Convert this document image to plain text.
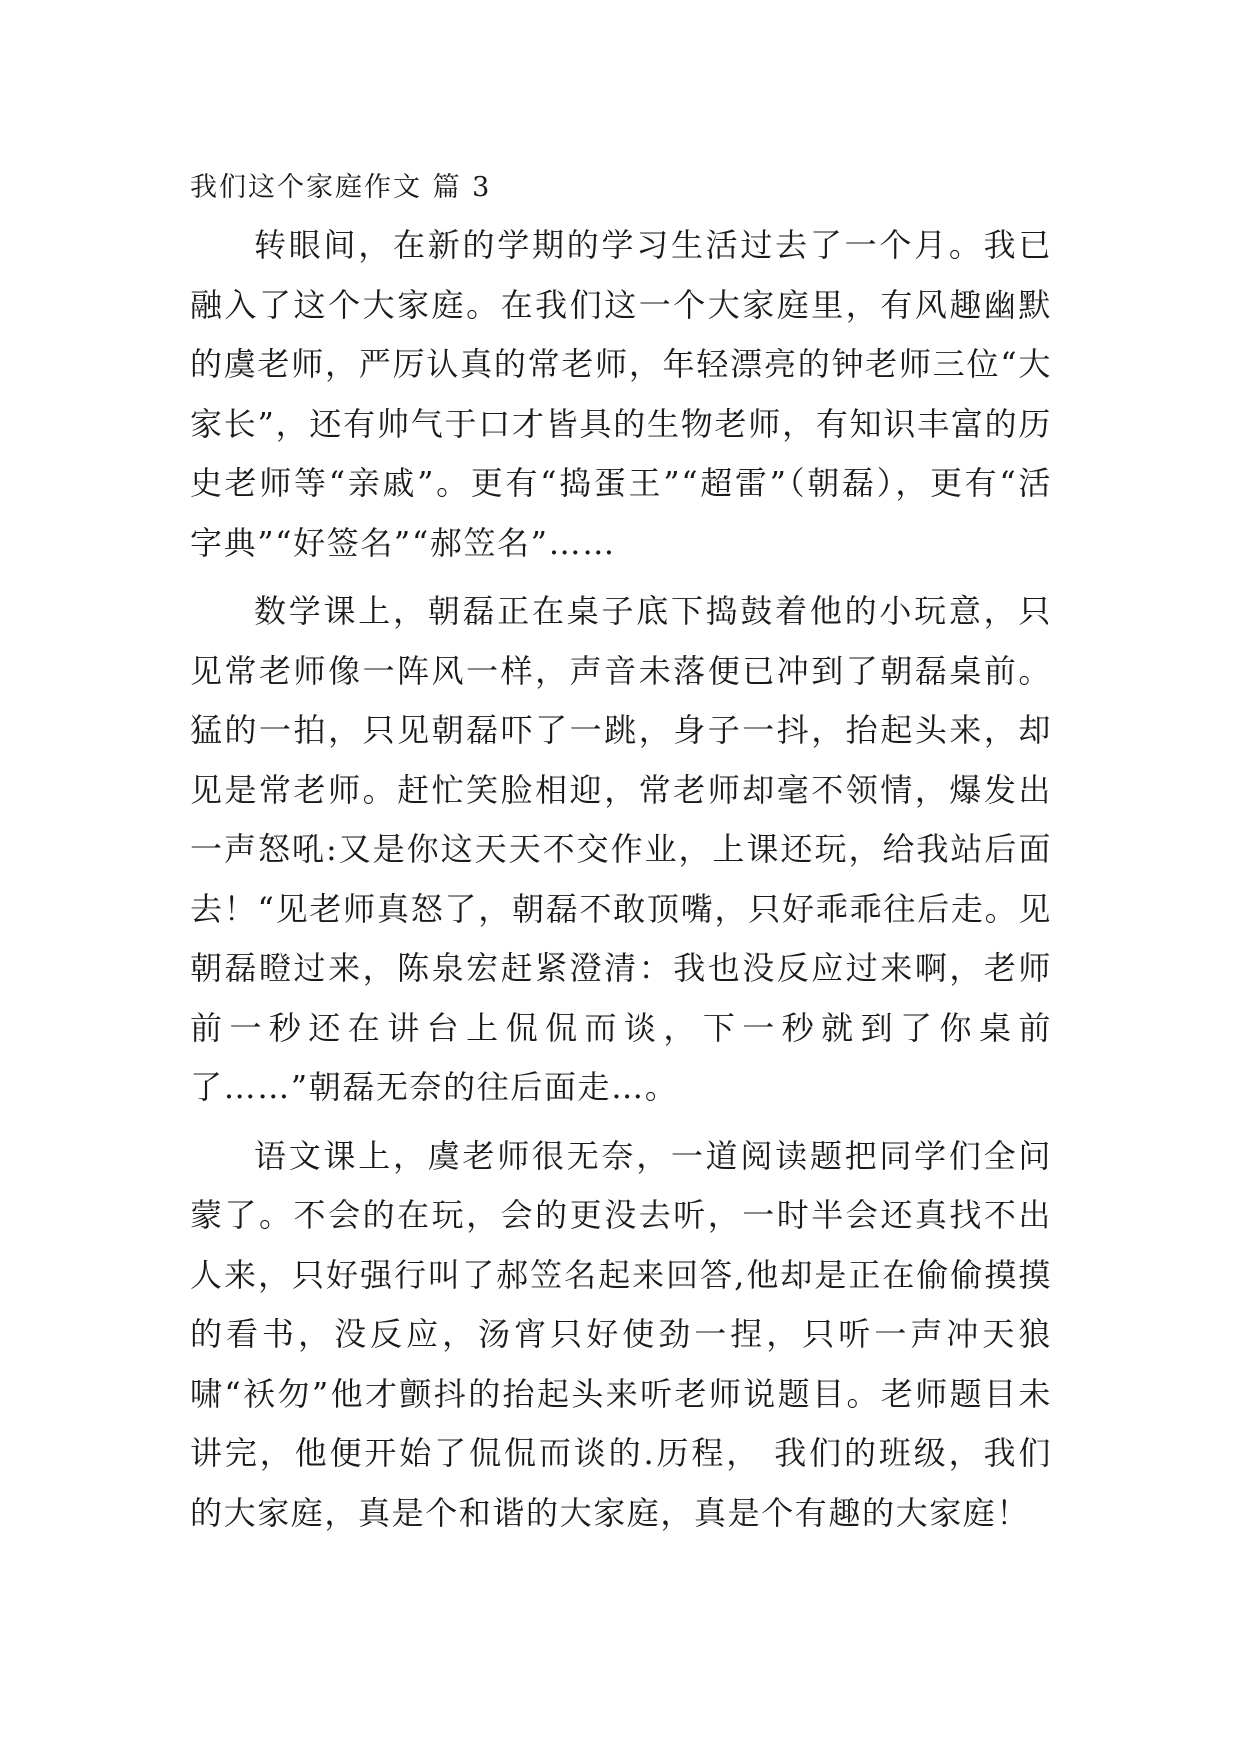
我们这个家庭作文 篇 3

转眼间，在新的学期的学习生活过去了一个月。我已融入了这个大家庭。在我们这一个大家庭里，有风趣幽默的虞老师，严厉认真的常老师，年轻漂亮的钟老师三位“大家长”，还有帅气于口才皆具的生物老师，有知识丰富的历史老师等“亲戚”。更有“捣蛋王”“超雷”（朝磊），更有“活字典”“好签名”“郝笠名”……

数学课上，朝磊正在桌子底下捣鼓着他的小玩意，只见常老师像一阵风一样，声音未落便已冲到了朝磊桌前。猛的一拍，只见朝磊吓了一跳，身子一抖，抬起头来，却见是常老师。赶忙笑脸相迎，常老师却毫不领情，爆发出一声怒吼:又是你这天天不交作业，上课还玩，给我站后面去！“见老师真怒了，朝磊不敢顶嘴，只好乖乖往后走。见朝磊瞪过来，陈泉宏赶紧澄清：我也没反应过来啊，老师前一秒还在讲台上侃侃而谈，下一秒就到了你桌前了……”朝磊无奈的往后面走…。

语文课上，虞老师很无奈，一道阅读题把同学们全问蒙了。不会的在玩，会的更没去听，一时半会还真找不出人来，只好强行叫了郝笠名起来回答,他却是正在偷偷摸摸的看书，没反应，汤宵只好使劲一捏，只听一声冲天狼啸“袄勿”他才颤抖的抬起头来听老师说题目。老师题目未讲完，他便开始了侃侃而谈的.历程， 我们的班级，我们的大家庭，真是个和谐的大家庭，真是个有趣的大家庭！
